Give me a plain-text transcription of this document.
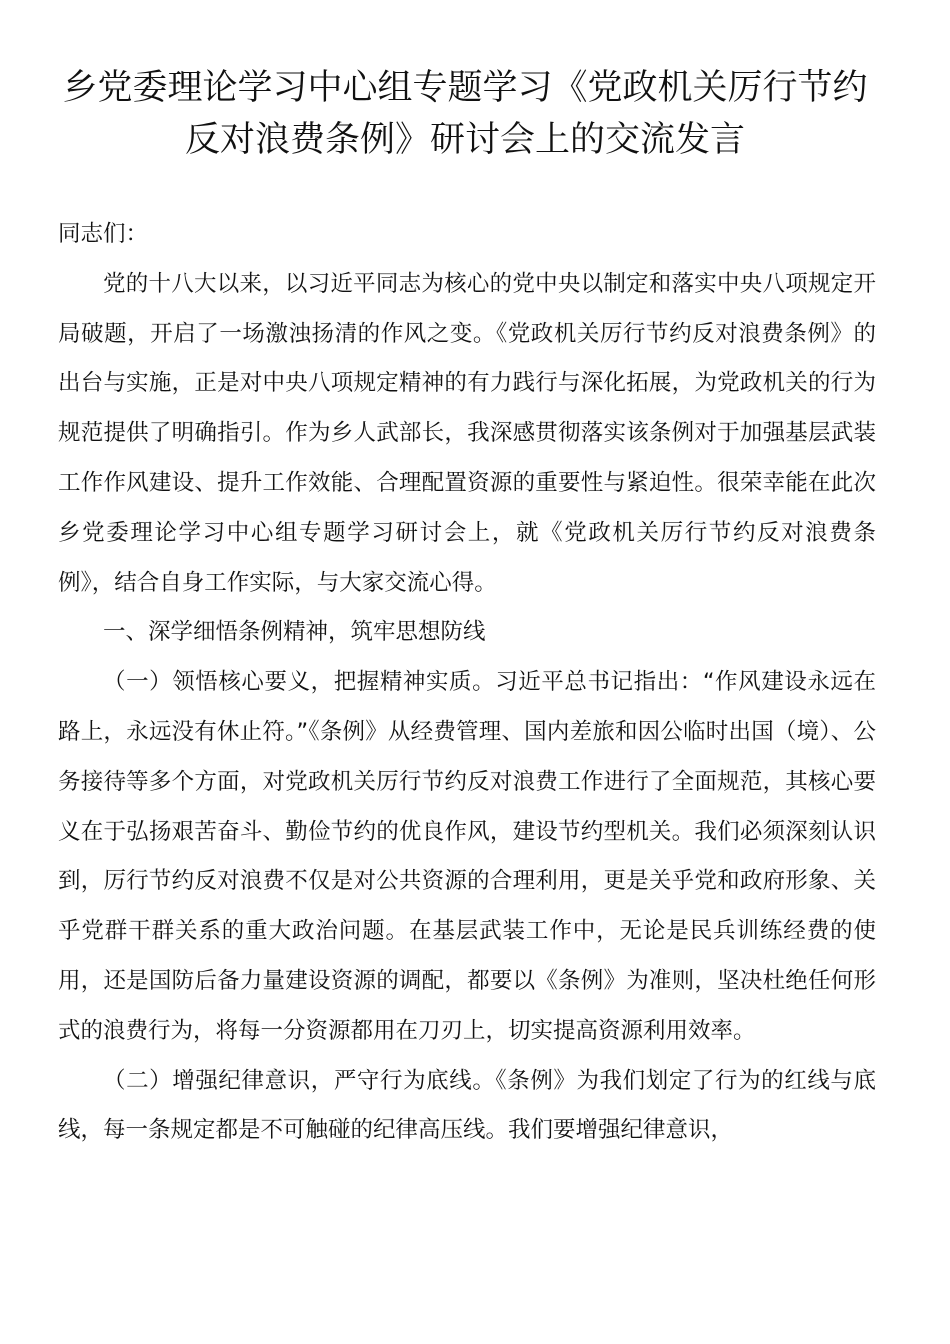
乡党委理论学习中心组专题学习《党政机关厉行节约
反对浪费条例》研讨会上的交流发言

同志们：

党的十八大以来，以习近平同志为核心的党中央以制定和落实中央八项规定开局破题，开启了一场激浊扬清的作风之变。《党政机关厉行节约反对浪费条例》的出台与实施，正是对中央八项规定精神的有力践行与深化拓展，为党政机关的行为规范提供了明确指引。作为乡人武部长，我深感贯彻落实该条例对于加强基层武装工作作风建设、提升工作效能、合理配置资源的重要性与紧迫性。很荣幸能在此次乡党委理论学习中心组专题学习研讨会上，就《党政机关厉行节约反对浪费条例》，结合自身工作实际，与大家交流心得。

一、深学细悟条例精神，筑牢思想防线

（一）领悟核心要义，把握精神实质。习近平总书记指出：“作风建设永远在路上，永远没有休止符。”《条例》从经费管理、国内差旅和因公临时出国（境）、公务接待等多个方面，对党政机关厉行节约反对浪费工作进行了全面规范，其核心要义在于弘扬艰苦奋斗、勤俭节约的优良作风，建设节约型机关。我们必须深刻认识到，厉行节约反对浪费不仅是对公共资源的合理利用，更是关乎党和政府形象、关乎党群干群关系的重大政治问题。在基层武装工作中，无论是民兵训练经费的使用，还是国防后备力量建设资源的调配，都要以《条例》为准则，坚决杜绝任何形式的浪费行为，将每一分资源都用在刀刃上，切实提高资源利用效率。

（二）增强纪律意识，严守行为底线。《条例》为我们划定了行为的红线与底线，每一条规定都是不可触碰的纪律高压线。我们要增强纪律意识，
